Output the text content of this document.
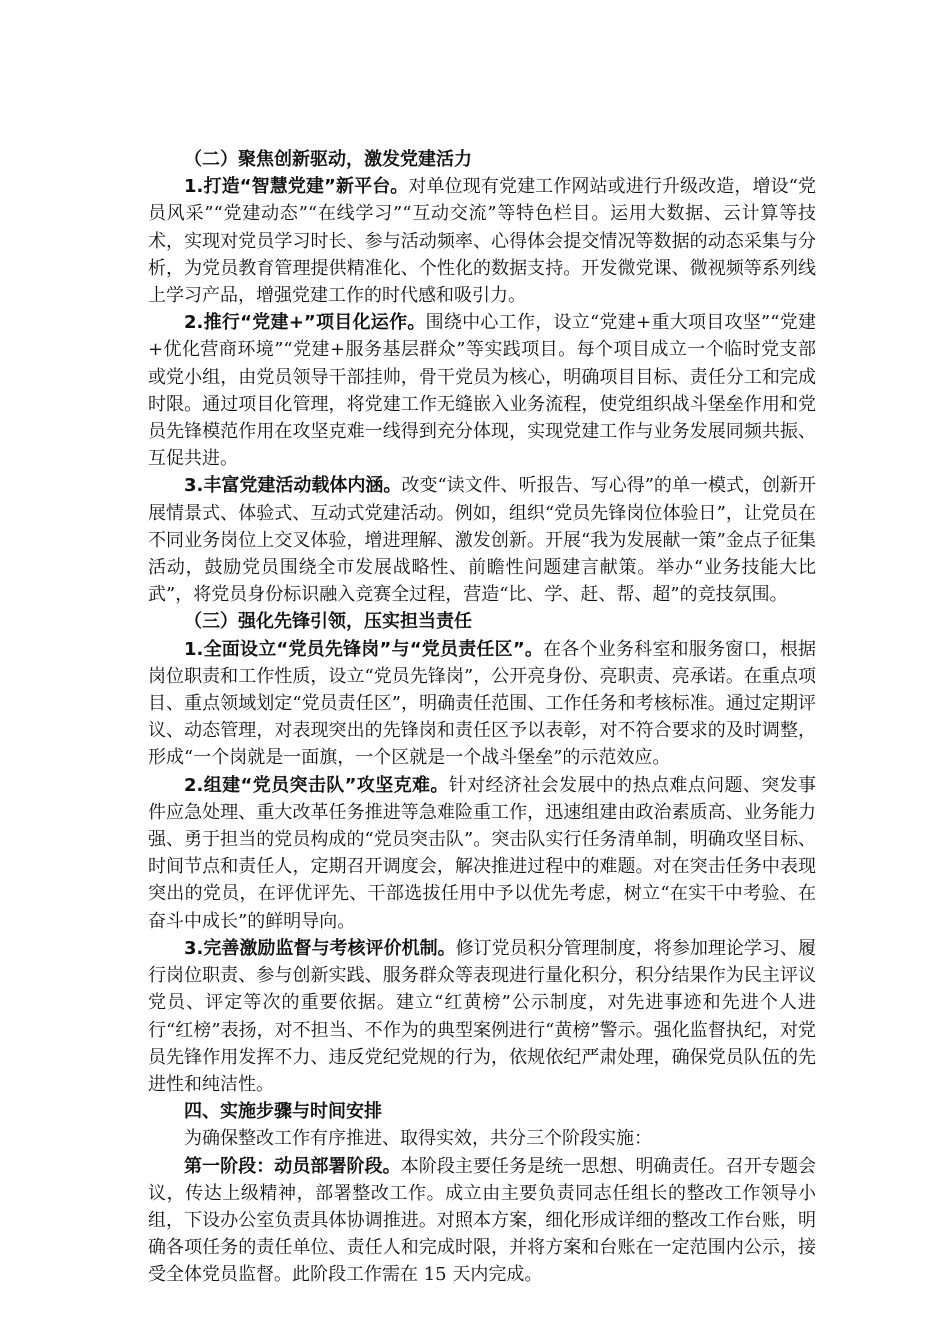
（二）聚焦创新驱动，激发党建活力

1.打造“智慧党建”新平台。对单位现有党建工作网站或进行升级改造，增设“党员风采”“党建动态”“在线学习”“互动交流”等特色栏目。运用大数据、云计算等技术，实现对党员学习时长、参与活动频率、心得体会提交情况等数据的动态采集与分析，为党员教育管理提供精准化、个性化的数据支持。开发微党课、微视频等系列线上学习产品，增强党建工作的时代感和吸引力。

2.推行“党建+”项目化运作。围绕中心工作，设立“党建+重大项目攻坚”“党建+优化营商环境”“党建+服务基层群众”等实践项目。每个项目成立一个临时党支部或党小组，由党员领导干部挂帅，骨干党员为核心，明确项目目标、责任分工和完成时限。通过项目化管理，将党建工作无缝嵌入业务流程，使党组织战斗堡垒作用和党员先锋模范作用在攻坚克难一线得到充分体现，实现党建工作与业务发展同频共振、互促共进。

3.丰富党建活动载体内涵。改变“读文件、听报告、写心得”的单一模式，创新开展情景式、体验式、互动式党建活动。例如，组织“党员先锋岗位体验日”，让党员在不同业务岗位上交叉体验，增进理解、激发创新。开展“我为发展献一策”金点子征集活动，鼓励党员围绕全市发展战略性、前瞻性问题建言献策。举办“业务技能大比武”，将党员身份标识融入竞赛全过程，营造“比、学、赶、帮、超”的竞技氛围。

（三）强化先锋引领，压实担当责任

1.全面设立“党员先锋岗”与“党员责任区”。在各个业务科室和服务窗口，根据岗位职责和工作性质，设立“党员先锋岗”，公开亮身份、亮职责、亮承诺。在重点项目、重点领域划定“党员责任区”，明确责任范围、工作任务和考核标准。通过定期评议、动态管理，对表现突出的先锋岗和责任区予以表彰，对不符合要求的及时调整，形成“一个岗就是一面旗，一个区就是一个战斗堡垒”的示范效应。

2.组建“党员突击队”攻坚克难。针对经济社会发展中的热点难点问题、突发事件应急处理、重大改革任务推进等急难险重工作，迅速组建由政治素质高、业务能力强、勇于担当的党员构成的“党员突击队”。突击队实行任务清单制，明确攻坚目标、时间节点和责任人，定期召开调度会，解决推进过程中的难题。对在突击任务中表现突出的党员，在评优评先、干部选拔任用中予以优先考虑，树立“在实干中考验、在奋斗中成长”的鲜明导向。

3.完善激励监督与考核评价机制。修订党员积分管理制度，将参加理论学习、履行岗位职责、参与创新实践、服务群众等表现进行量化积分，积分结果作为民主评议党员、评定等次的重要依据。建立“红黄榜”公示制度，对先进事迹和先进个人进行“红榜”表扬，对不担当、不作为的典型案例进行“黄榜”警示。强化监督执纪，对党员先锋作用发挥不力、违反党纪党规的行为，依规依纪严肃处理，确保党员队伍的先进性和纯洁性。

四、实施步骤与时间安排

为确保整改工作有序推进、取得实效，共分三个阶段实施：

第一阶段：动员部署阶段。本阶段主要任务是统一思想、明确责任。召开专题会议，传达上级精神，部署整改工作。成立由主要负责同志任组长的整改工作领导小组，下设办公室负责具体协调推进。对照本方案，细化形成详细的整改工作台账，明确各项任务的责任单位、责任人和完成时限，并将方案和台账在一定范围内公示，接受全体党员监督。此阶段工作需在 15 天内完成。
